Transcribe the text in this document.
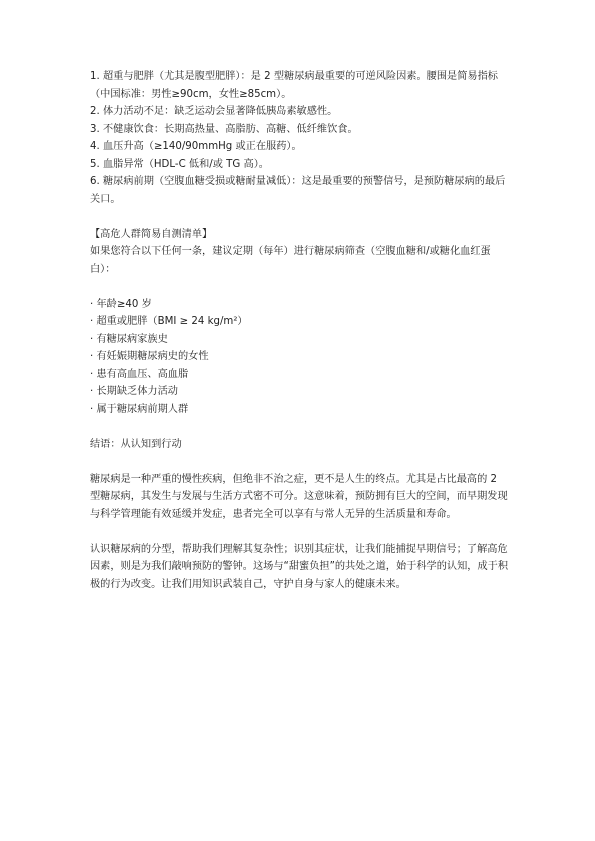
1. 超重与肥胖（尤其是腹型肥胖）：是 2 型糖尿病最重要的可逆风险因素。腰围是简易指标（中国标准：男性≥90cm，女性≥85cm）。

2. 体力活动不足：缺乏运动会显著降低胰岛素敏感性。

3. 不健康饮食：长期高热量、高脂肪、高糖、低纤维饮食。

4. 血压升高（≥140/90mmHg 或正在服药）。

5. 血脂异常（HDL-C 低和/或 TG 高）。

6. 糖尿病前期（空腹血糖受损或糖耐量减低）：这是最重要的预警信号，是预防糖尿病的最后关口。

【高危人群简易自测清单】

如果您符合以下任何一条，建议定期（每年）进行糖尿病筛查（空腹血糖和/或糖化血红蛋白）：

· 年龄≥40 岁

· 超重或肥胖（BMI ≥ 24 kg/m²）

· 有糖尿病家族史

· 有妊娠期糖尿病史的女性

· 患有高血压、高血脂

· 长期缺乏体力活动

· 属于糖尿病前期人群

结语：从认知到行动

糖尿病是一种严重的慢性疾病，但绝非不治之症，更不是人生的终点。尤其是占比最高的 2 型糖尿病，其发生与发展与生活方式密不可分。这意味着，预防拥有巨大的空间，而早期发现与科学管理能有效延缓并发症，患者完全可以享有与常人无异的生活质量和寿命。

认识糖尿病的分型，帮助我们理解其复杂性；识别其症状，让我们能捕捉早期信号；了解高危因素，则是为我们敲响预防的警钟。这场与“甜蜜负担”的共处之道，始于科学的认知，成于积极的行为改变。让我们用知识武装自己，守护自身与家人的健康未来。
